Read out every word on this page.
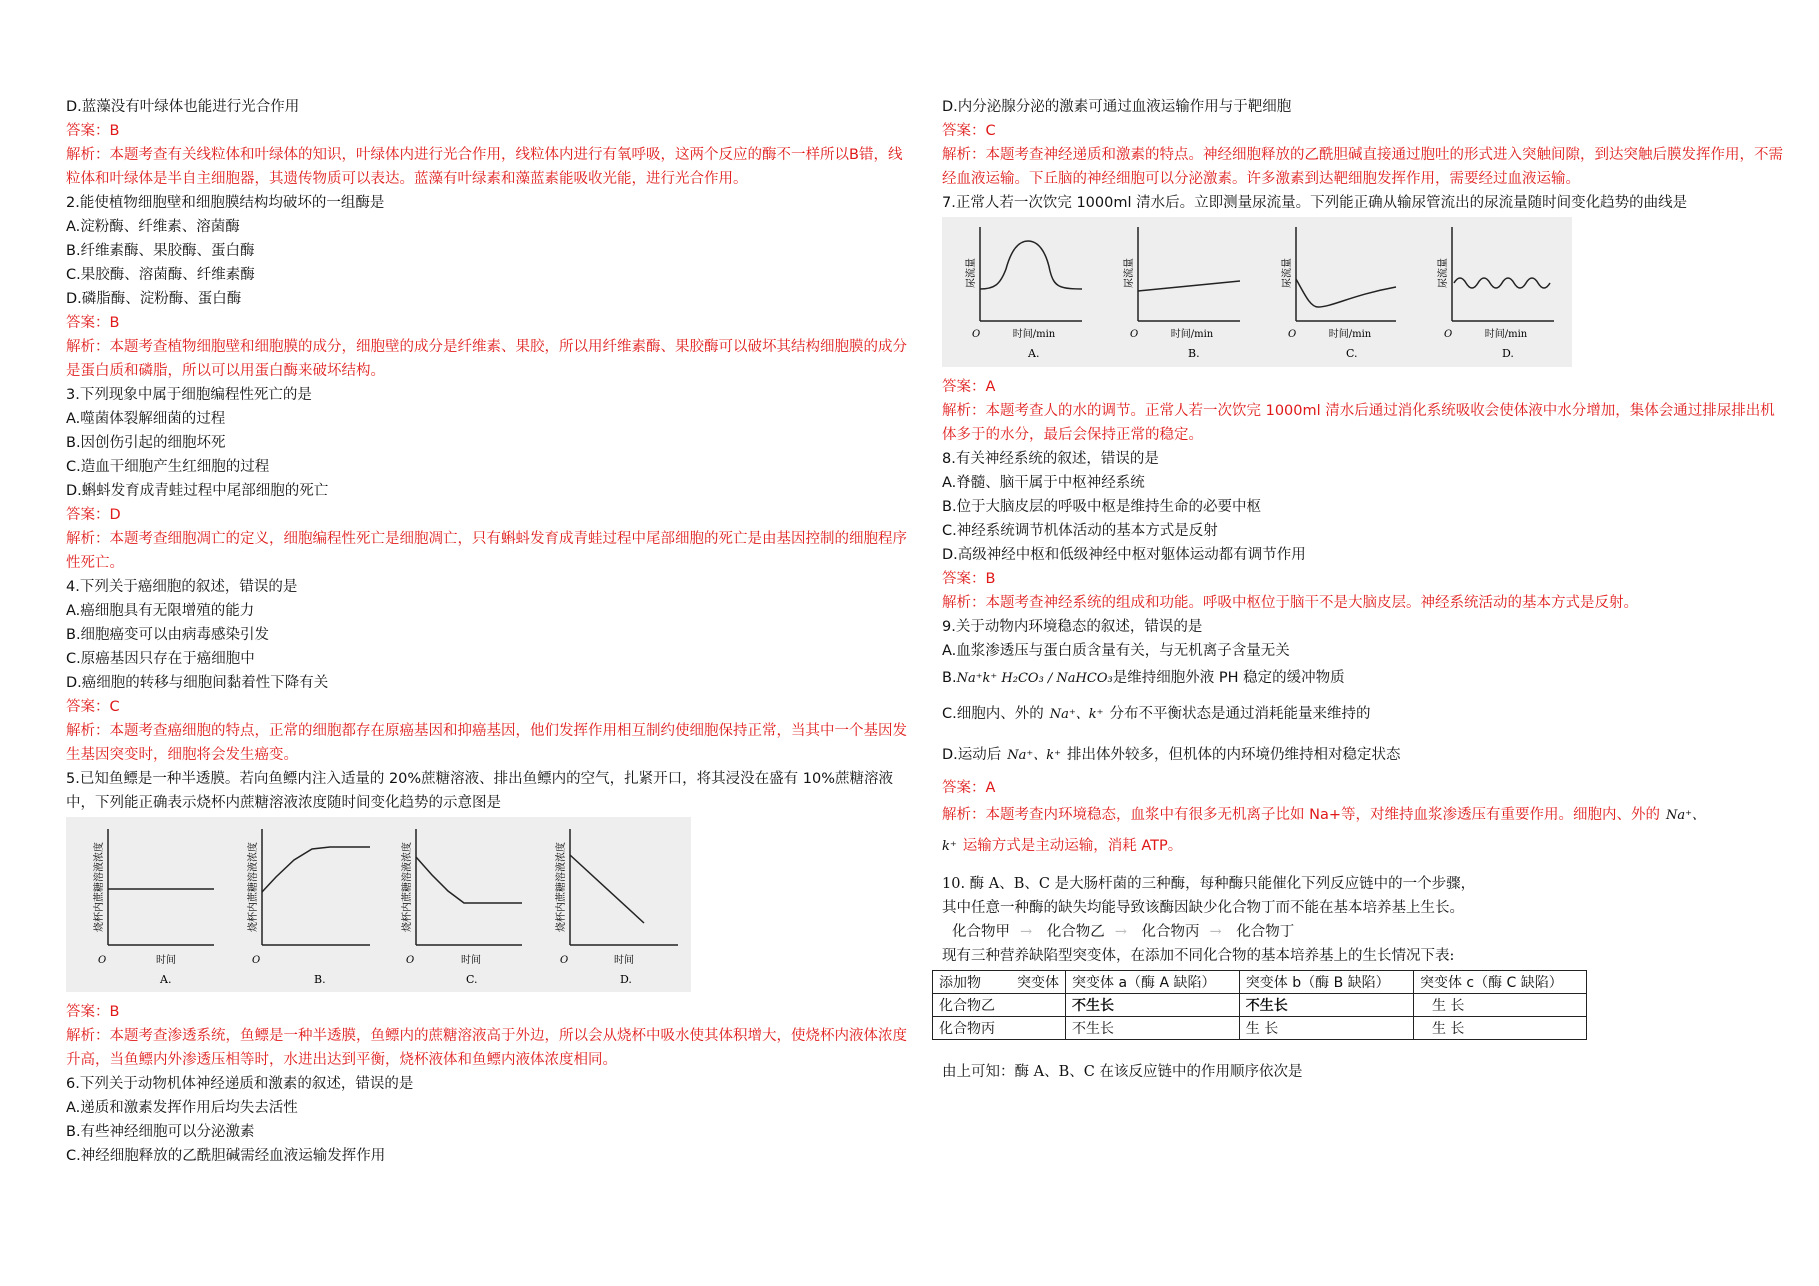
D.蓝藻没有叶绿体也能进行光合作用
答案：B
解析：本题考查有关线粒体和叶绿体的知识，叶绿体内进行光合作用，线粒体内进行有氧呼吸，这两个反应的酶不一样所以B错，线粒体和叶绿体是半自主细胞器，其遗传物质可以表达。蓝藻有叶绿素和藻蓝素能吸收光能，进行光合作用。
2.能使植物细胞壁和细胞膜结构均破坏的一组酶是
A.淀粉酶、纤维素、溶菌酶
B.纤维素酶、果胶酶、蛋白酶
C.果胶酶、溶菌酶、纤维素酶
D.磷脂酶、淀粉酶、蛋白酶
答案：B
解析：本题考查植物细胞壁和细胞膜的成分，细胞壁的成分是纤维素、果胶，所以用纤维素酶、果胶酶可以破坏其结构细胞膜的成分是蛋白质和磷脂，所以可以用蛋白酶来破坏结构。
3.下列现象中属于细胞编程性死亡的是
A.噬菌体裂解细菌的过程
B.因创伤引起的细胞坏死
C.造血干细胞产生红细胞的过程
D.蝌蚪发育成青蛙过程中尾部细胞的死亡
答案：D
解析：本题考查细胞凋亡的定义，细胞编程性死亡是细胞凋亡，只有蝌蚪发育成青蛙过程中尾部细胞的死亡是由基因控制的细胞程序性死亡。
4.下列关于癌细胞的叙述，错误的是
A.癌细胞具有无限增殖的能力
B.细胞癌变可以由病毒感染引发
C.原癌基因只存在于癌细胞中
D.癌细胞的转移与细胞间黏着性下降有关
答案：C
解析：本题考查癌细胞的特点，正常的细胞都存在原癌基因和抑癌基因，他们发挥作用相互制约使细胞保持正常，当其中一个基因发生基因突变时，细胞将会发生癌变。
5.已知鱼鳔是一种半透膜。若向鱼鳔内注入适量的 20%蔗糖溶液、排出鱼鳔内的空气，扎紧开口，将其浸没在盛有 10%蔗糖溶液中，下列能正确表示烧杯内蔗糖溶液浓度随时间变化趋势的示意图是
烧杯内蔗糖溶液浓度
时间
O
A.
烧杯内蔗糖溶液浓度
O
B.
烧杯内蔗糖溶液浓度
时间
O
C.
烧杯内蔗糖溶液浓度
时间
O
D.
答案：B
解析：本题考查渗透系统，鱼鳔是一种半透膜，鱼鳔内的蔗糖溶液高于外边，所以会从烧杯中吸水使其体积增大，使烧杯内液体浓度升高，当鱼鳔内外渗透压相等时，水进出达到平衡，烧杯液体和鱼鳔内液体浓度相同。
6.下列关于动物机体神经递质和激素的叙述，错误的是
A.递质和激素发挥作用后均失去活性
B.有些神经细胞可以分泌激素
C.神经细胞释放的乙酰胆碱需经血液运输发挥作用
D.内分泌腺分泌的激素可通过血液运输作用与于靶细胞
答案：C
解析：本题考查神经递质和激素的特点。神经细胞释放的乙酰胆碱直接通过胞吐的形式进入突触间隙，到达突触后膜发挥作用，不需经血液运输。下丘脑的神经细胞可以分泌激素。许多激素到达靶细胞发挥作用，需要经过血液运输。
7.正常人若一次饮完 1000ml 清水后。立即测量尿流量。下列能正确从输尿管流出的尿流量随时间变化趋势的曲线是
尿流量
时间/min
O
A.
尿流量
时间/min
O
B.
尿流量
时间/min
O
C.
尿流量
时间/min
O
D.
答案：A
解析：本题考查人的水的调节。正常人若一次饮完 1000ml 清水后通过消化系统吸收会使体液中水分增加，集体会通过排尿排出机体多于的水分，最后会保持正常的稳定。
8.有关神经系统的叙述，错误的是
A.脊髓、脑干属于中枢神经系统
B.位于大脑皮层的呼吸中枢是维持生命的必要中枢
C.神经系统调节机体活动的基本方式是反射
D.高级神经中枢和低级神经中枢对躯体运动都有调节作用
答案：B
解析：本题考查神经系统的组成和功能。呼吸中枢位于脑干不是大脑皮层。神经系统活动的基本方式是反射。
9.关于动物内环境稳态的叙述，错误的是
A.血浆渗透压与蛋白质含量有关，与无机离子含量无关
B.Na⁺k⁺ H₂CO₃ / NaHCO₃是维持细胞外液 PH 稳定的缓冲物质
C.细胞内、外的 Na⁺、k⁺ 分布不平衡状态是通过消耗能量来维持的
D.运动后 Na⁺、k⁺ 排出体外较多，但机体的内环境仍维持相对稳定状态
答案：A
解析：本题考查内环境稳态，血浆中有很多无机离子比如 Na+等，对维持血浆渗透压有重要作用。细胞内、外的 Na⁺、
k⁺ 运输方式是主动运输，消耗 ATP。
10. 酶 A、B、C 是大肠杆菌的三种酶，每种酶只能催化下列反应链中的一个步骤，
其中任意一种酶的缺失均能导致该酶因缺少化合物丁而不能在基本培养基上生长。
化合物甲 → 化合物乙 → 化合物丙 → 化合物丁
现有三种营养缺陷型突变体，在添加不同化合物的基本培养基上的生长情况下表:
添加物 突变体	突变体 a（酶 A 缺陷）	突变体 b（酶 B 缺陷）	突变体 c（酶 C 缺陷）
化合物乙	不生长	不生长	生 长
化合物丙	不生长	生 长	生 长
由上可知：酶 A、B、C 在该反应链中的作用顺序依次是
